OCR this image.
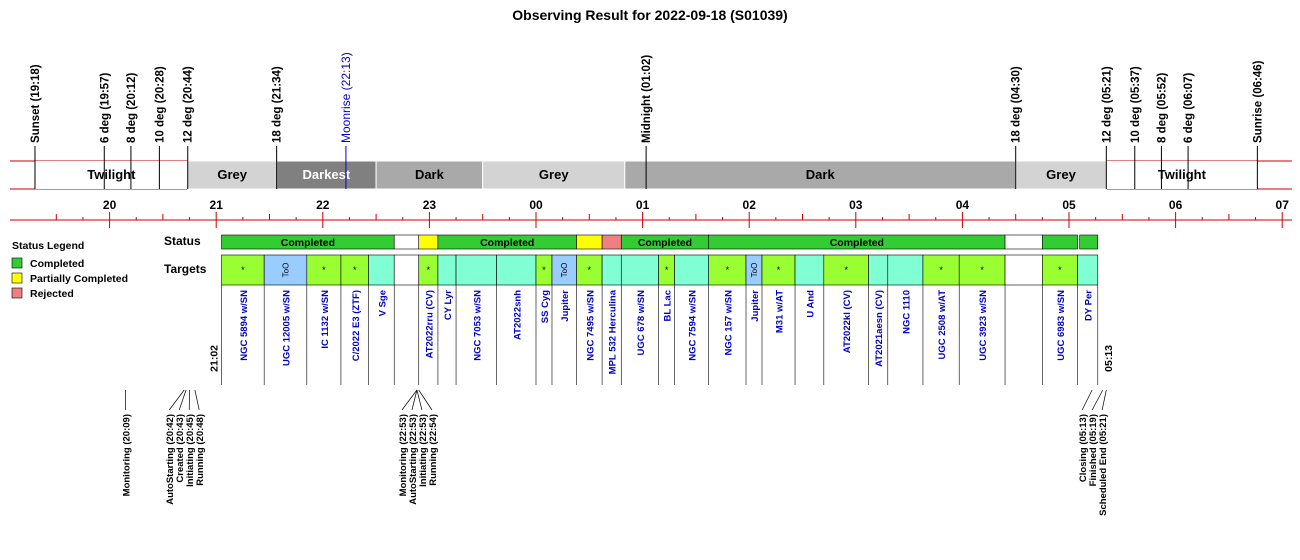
Observing Result for 2022-09-18 (S01039)
Status
Targets
Twilight	Grey	Darkest	Dark	Grey	Dark	Grey	Twilight
20	21	22	23	00	01	02	03	04	05	06	07
Sunset (19:18)	6 deg (19:57) 8 deg (20:12) 10 deg (20:28) 12 deg (20:44)	18 deg (21:34)	Moonrise (22:13)	Midnight (01:02)	18 deg (04:30)	12 deg (05:21) 10 deg (05:37) 8 deg (05:52) 6 deg (06:07)	Sunrise (06:46)
Completed	Completed	Completed	Completed
*
NGC 5894 w/SN
ToO
UGC 12005 w/SN
*
IC 1132 w/SN
*
C/2022 E3 (ZTF) V Sge
*
AT2022rru (CV) CY Lyr NGC 7053 w/SN	AT2022snh
*
SS Cyg
ToO
Jupiter
*
NGC 7495 w/SN MPL 532 Herculina UGC 678 w/SN
*
BL Lac NGC 7594 w/SN
*
NGC 157 w/SN
ToO
Jupiter
*
M31 w/AT U And
*
AT2022kl (CV) AT2021aesn (CV) NGC 1110
*
UGC 2508 w/AT
*
UGC 3923 w/SN
*
UGC 6983 w/SN DY Per
21:02	05:13
Monitoring (20:09)	AutoStarting (20:42) Created (20:43) Initiating (20:45) Running (20:48)	Monitoring (22:53) AutoStarting (22:53) Initiating (22:53) Running (22:54)	Closing (05:13) Finished (05:19) Scheduled End (05:21)
Status Legend
Completed
Partially Completed
Rejected
